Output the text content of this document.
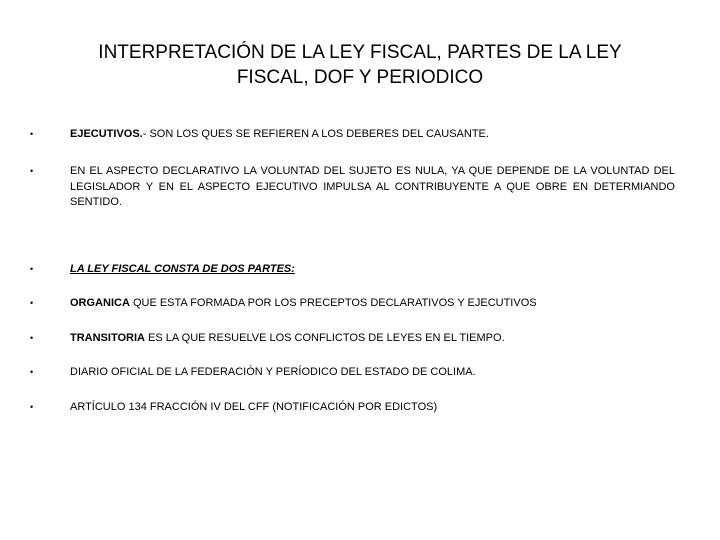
INTERPRETACIÓN DE LA LEY FISCAL, PARTES DE LA LEY
FISCAL, DOF Y PERIODICO
•	EJECUTIVOS.- SON LOS QUES SE REFIEREN A LOS DEBERES DEL CAUSANTE.
•	EN EL ASPECTO DECLARATIVO LA VOLUNTAD DEL SUJETO ES NULA, YA QUE DEPENDE DE LA VOLUNTAD DEL LEGISLADOR Y EN EL ASPECTO EJECUTIVO IMPULSA AL CONTRIBUYENTE A QUE OBRE EN DETERMIANDO SENTIDO.
•	LA LEY FISCAL CONSTA DE DOS PARTES:
•	ORGANICA QUE ESTA FORMADA POR LOS PRECEPTOS DECLARATIVOS Y EJECUTIVOS
•	TRANSITORIA ES LA QUE RESUELVE LOS CONFLICTOS DE LEYES EN EL TIEMPO.
•	DIARIO OFICIAL DE LA FEDERACIÓN Y PERÍODICO DEL ESTADO DE COLIMA.
•	ARTÍCULO 134 FRACCIÓN IV DEL CFF (NOTIFICACIÓN POR EDICTOS)
